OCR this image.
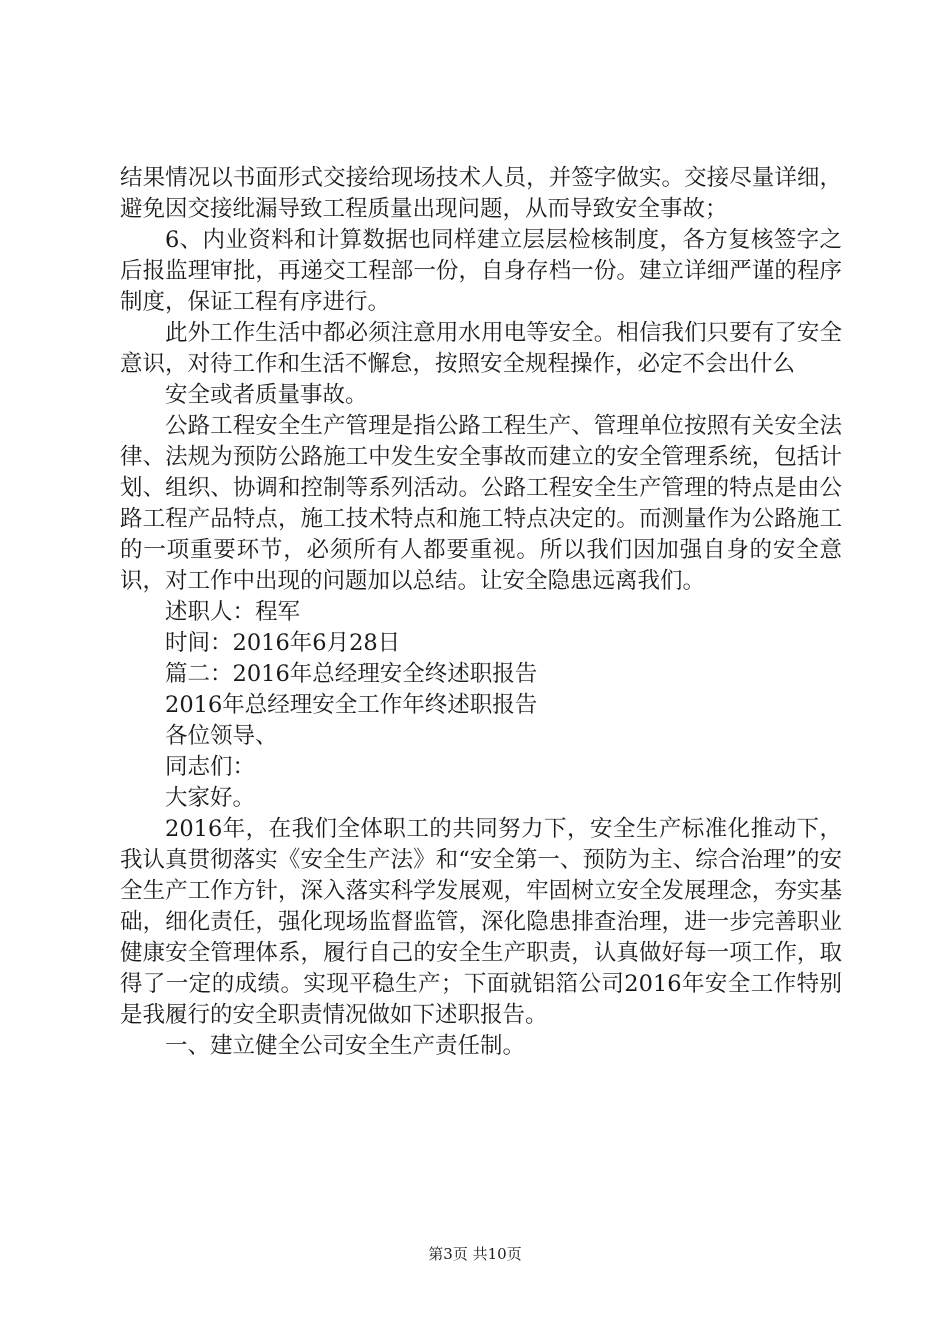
结果情况以书面形式交接给现场技术人员，并签字做实。交接尽量详细，避免因交接纰漏导致工程质量出现问题，从而导致安全事故；

6、内业资料和计算数据也同样建立层层检核制度，各方复核签字之后报监理审批，再递交工程部一份，自身存档一份。建立详细严谨的程序制度，保证工程有序进行。

此外工作生活中都必须注意用水用电等安全。相信我们只要有了安全意识，对待工作和生活不懈怠，按照安全规程操作，必定不会出什么

安全或者质量事故。

公路工程安全生产管理是指公路工程生产、管理单位按照有关安全法律、法规为预防公路施工中发生安全事故而建立的安全管理系统，包括计划、组织、协调和控制等系列活动。公路工程安全生产管理的特点是由公路工程产品特点，施工技术特点和施工特点决定的。而测量作为公路施工的一项重要环节，必须所有人都要重视。所以我们因加强自身的安全意识，对工作中出现的问题加以总结。让安全隐患远离我们。

述职人：程军

时间：2016年6月28日

篇二：2016年总经理安全终述职报告

2016年总经理安全工作年终述职报告

各位领导、

同志们：

大家好。

2016年，在我们全体职工的共同努力下，安全生产标准化推动下，我认真贯彻落实《安全生产法》和“安全第一、预防为主、综合治理”的安全生产工作方针，深入落实科学发展观，牢固树立安全发展理念，夯实基础，细化责任，强化现场监督监管，深化隐患排查治理，进一步完善职业健康安全管理体系，履行自己的安全生产职责，认真做好每一项工作，取得了一定的成绩。实现平稳生产；下面就铝箔公司2016年安全工作特别是我履行的安全职责情况做如下述职报告。

一、建立健全公司安全生产责任制。

第3页 共10页
